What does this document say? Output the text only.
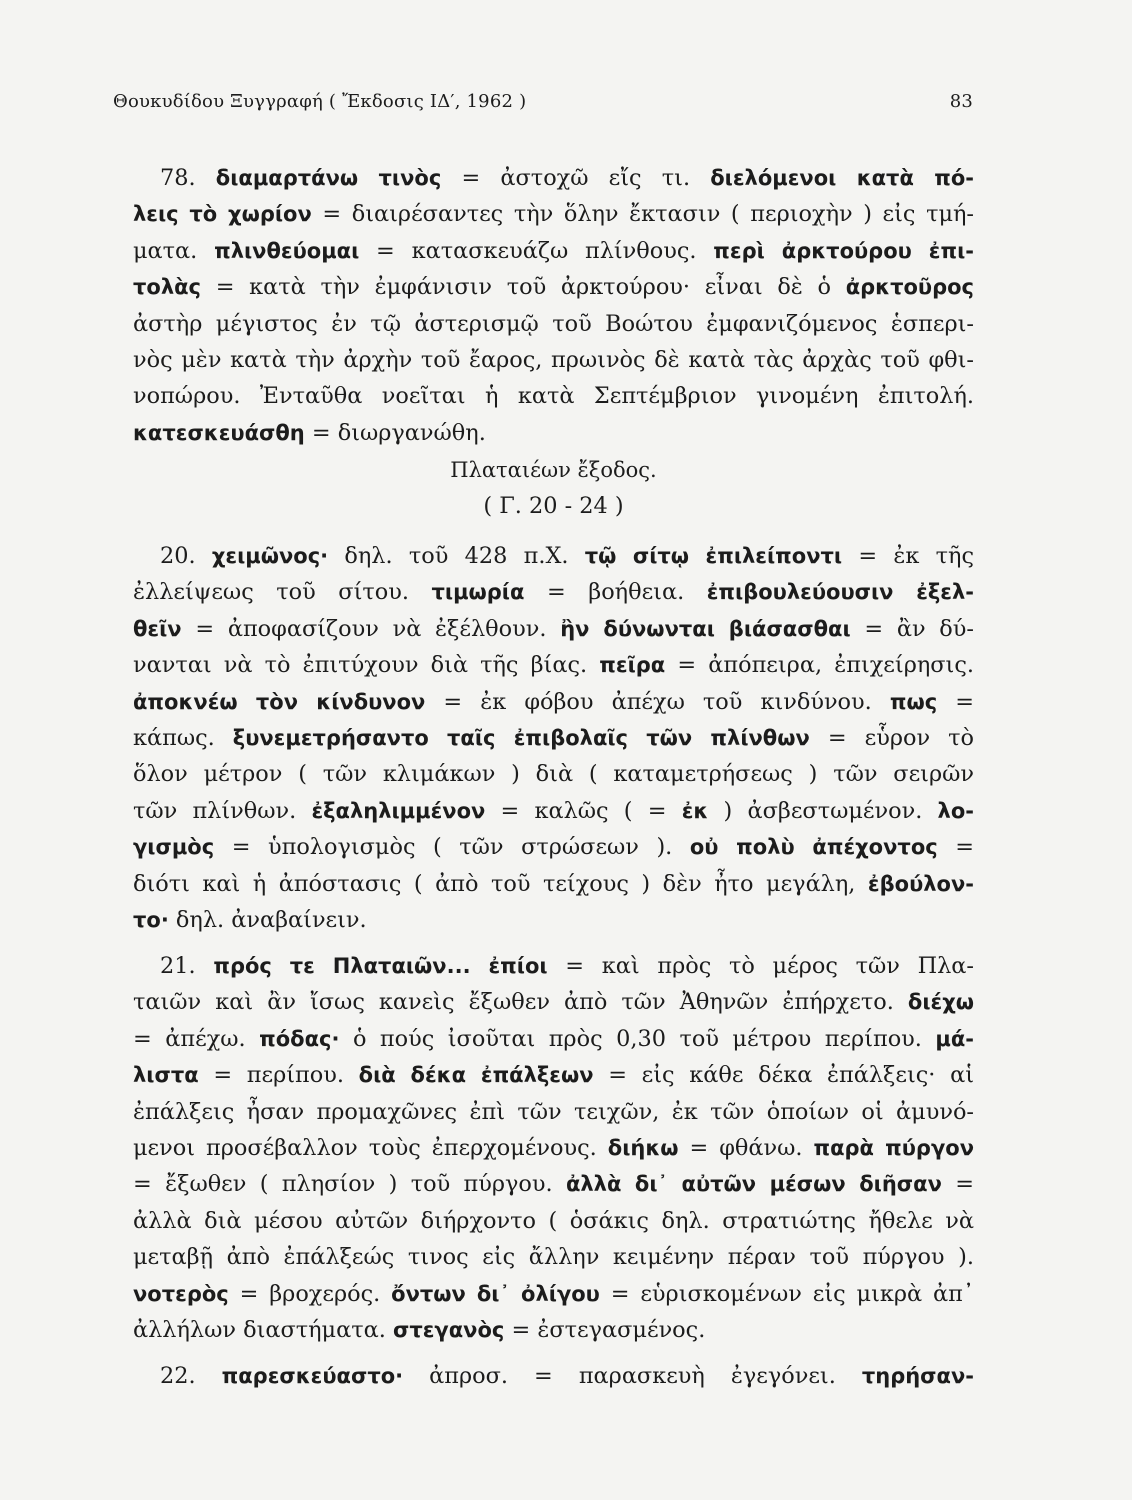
Θουκυδίδου Ξυγγραφή ( Ἔκδοσις ΙΔ′, 1962 )	83
78. διαμαρτάνω τινὸς = ἀστοχῶ εἴς τι. διελόμενοι κατὰ πό-
λεις τὸ χωρίον = διαιρέσαντες τὴν ὅλην ἔκτασιν ( περιοχὴν ) εἰς τμή-
ματα. πλινθεύομαι = κατασκευάζω πλίνθους. περὶ ἀρκτούρου ἐπι-
τολὰς = κατὰ τὴν ἐμφάνισιν τοῦ ἀρκτούρου· εἶναι δὲ ὁ ἀρκτοῦρος
ἀστὴρ μέγιστος ἐν τῷ ἀστερισμῷ τοῦ Βοώτου ἐμφανιζόμενος ἑσπερι-
νὸς μὲν κατὰ τὴν ἀρχὴν τοῦ ἔαρος, πρωινὸς δὲ κατὰ τὰς ἀρχὰς τοῦ φθι-
νοπώρου. Ἐνταῦθα νοεῖται ἡ κατὰ Σεπτέμβριον γινομένη ἐπιτολή.
κατεσκευάσθη = διωργανώθη.
Πλαταιέων ἔξοδος.
( Γ. 20 - 24 )
20. χειμῶνος· δηλ. τοῦ 428 π.Χ. τῷ σίτῳ ἐπιλείποντι = ἐκ τῆς
ἐλλείψεως τοῦ σίτου. τιμωρία = βοήθεια. ἐπιβουλεύουσιν ἐξελ-
θεῖν = ἀποφασίζουν νὰ ἐξέλθουν. ἢν δύνωνται βιάσασθαι = ἂν δύ-
νανται νὰ τὸ ἐπιτύχουν διὰ τῆς βίας. πεῖρα = ἀπόπειρα, ἐπιχείρησις.
ἀποκνέω τὸν κίνδυνον = ἐκ φόβου ἀπέχω τοῦ κινδύνου. πως =
κάπως. ξυνεμετρήσαντο ταῖς ἐπιβολαῖς τῶν πλίνθων = εὗρον τὸ
ὅλον μέτρον ( τῶν κλιμάκων ) διὰ ( καταμετρήσεως ) τῶν σειρῶν
τῶν πλίνθων. ἐξαληλιμμένον = καλῶς ( = ἐκ ) ἀσβεστωμένον. λο-
γισμὸς = ὑπολογισμὸς ( τῶν στρώσεων ). οὐ πολὺ ἀπέχοντος =
διότι καὶ ἡ ἀπόστασις ( ἀπὸ τοῦ τείχους ) δὲν ἦτο μεγάλη, ἐβούλον-
το· δηλ. ἀναβαίνειν.
21. πρός τε Πλαταιῶν... ἐπίοι = καὶ πρὸς τὸ μέρος τῶν Πλα-
ταιῶν καὶ ἂν ἴσως κανεὶς ἔξωθεν ἀπὸ τῶν Ἀθηνῶν ἐπήρχετο. διέχω
= ἀπέχω. πόδας· ὁ πούς ἰσοῦται πρὸς 0,30 τοῦ μέτρου περίπου. μά-
λιστα = περίπου. διὰ δέκα ἐπάλξεων = εἰς κάθε δέκα ἐπάλξεις· αἱ
ἐπάλξεις ἦσαν προμαχῶνες ἐπὶ τῶν τειχῶν, ἐκ τῶν ὁποίων οἱ ἀμυνό-
μενοι προσέβαλλον τοὺς ἐπερχομένους. διήκω = φθάνω. παρὰ πύργον
= ἔξωθεν ( πλησίον ) τοῦ πύργου. ἀλλὰ δι᾽ αὐτῶν μέσων διῆσαν =
ἀλλὰ διὰ μέσου αὐτῶν διήρχοντο ( ὁσάκις δηλ. στρατιώτης ἤθελε νὰ
μεταβῇ ἀπὸ ἐπάλξεώς τινος εἰς ἄλλην κειμένην πέραν τοῦ πύργου ).
νοτερὸς = βροχερός. ὄντων δι᾽ ὀλίγου = εὑρισκομένων εἰς μικρὰ ἀπ᾽
ἀλλήλων διαστήματα. στεγανὸς = ἐστεγασμένος.
22. παρεσκεύαστο· ἀπροσ. = παρασκευὴ ἐγεγόνει. τηρήσαν-
